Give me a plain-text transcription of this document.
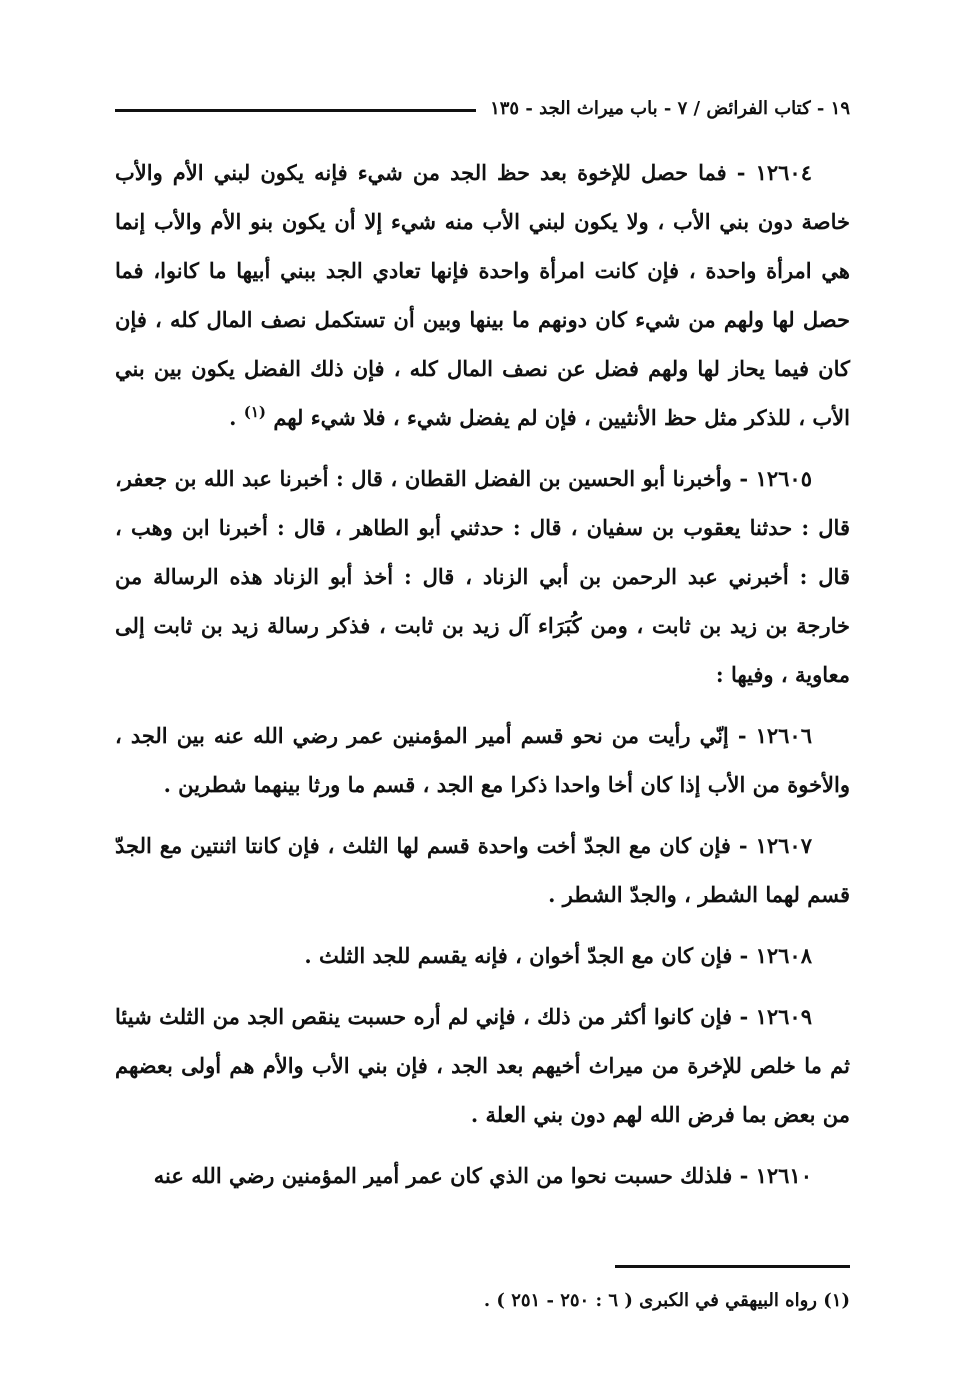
١٩ - كتاب الفرائض / ٧ - باب ميراث الجد - ١٣٥

١٢٦٠٤ - فما حصل للإخوة بعد حظ الجد من شيء فإنه يكون لبني الأم والأب خاصة دون بني الأب ، ولا يكون لبني الأب منه شيء إلا أن يكون بنو الأم والأب إنما هي امرأة واحدة ، فإن كانت امرأة واحدة فإنها تعادي الجد ببني أبيها ما كانوا، فما حصل لها ولهم من شيء كان دونهم ما بينها وبين أن تستكمل نصف المال كله ، فإن كان فيما يحاز لها ولهم فضل عن نصف المال كله ، فإن ذلك الفضل يكون بين بني الأب ، للذكر مثل حظ الأنثيين ، فإن لم يفضل شيء ، فلا شيء لهم $^{(١)}$ .

١٢٦٠٥ - وأخبرنا أبو الحسين بن الفضل القطان ، قال : أخبرنا عبد الله بن جعفر، قال : حدثنا يعقوب بن سفيان ، قال : حدثني أبو الطاهر ، قال : أخبرنا ابن وهب ، قال : أخبرني عبد الرحمن بن أبي الزناد ، قال : أخذ أبو الزناد هذه الرسالة من خارجة بن زيد بن ثابت ، ومن كُبَرَاء آل زيد بن ثابت ، فذكر رسالة زيد بن ثابت إلى معاوية ، وفيها :

١٢٦٠٦ - إنّي رأيت من نحو قسم أمير المؤمنين عمر رضي الله عنه بين الجد ، والأخوة من الأب إذا كان أخا واحدا ذكرا مع الجد ، قسم ما ورثا بينهما شطرين .

١٢٦٠٧ - فإن كان مع الجدّ أخت واحدة قسم لها الثلث ، فإن كانتا اثنتين مع الجدّ قسم لهما الشطر ، والجدّ الشطر .

١٢٦٠٨ - فإن كان مع الجدّ أخوان ، فإنه يقسم للجد الثلث .

١٢٦٠٩ - فإن كانوا أكثر من ذلك ، فإني لم أره حسبت ينقص الجد من الثلث شيئا ثم ما خلص للإخرة من ميراث أخيهم بعد الجد ، فإن بني الأب والأم هم أولى بعضهم من بعض بما فرض الله لهم دون بني العلة .

١٢٦١٠ - فلذلك حسبت نحوا من الذي كان عمر أمير المؤمنين رضي الله عنه

(١) رواه البيهقي في الكبرى ( ٦ : ٢٥٠ - ٢٥١ ) .
